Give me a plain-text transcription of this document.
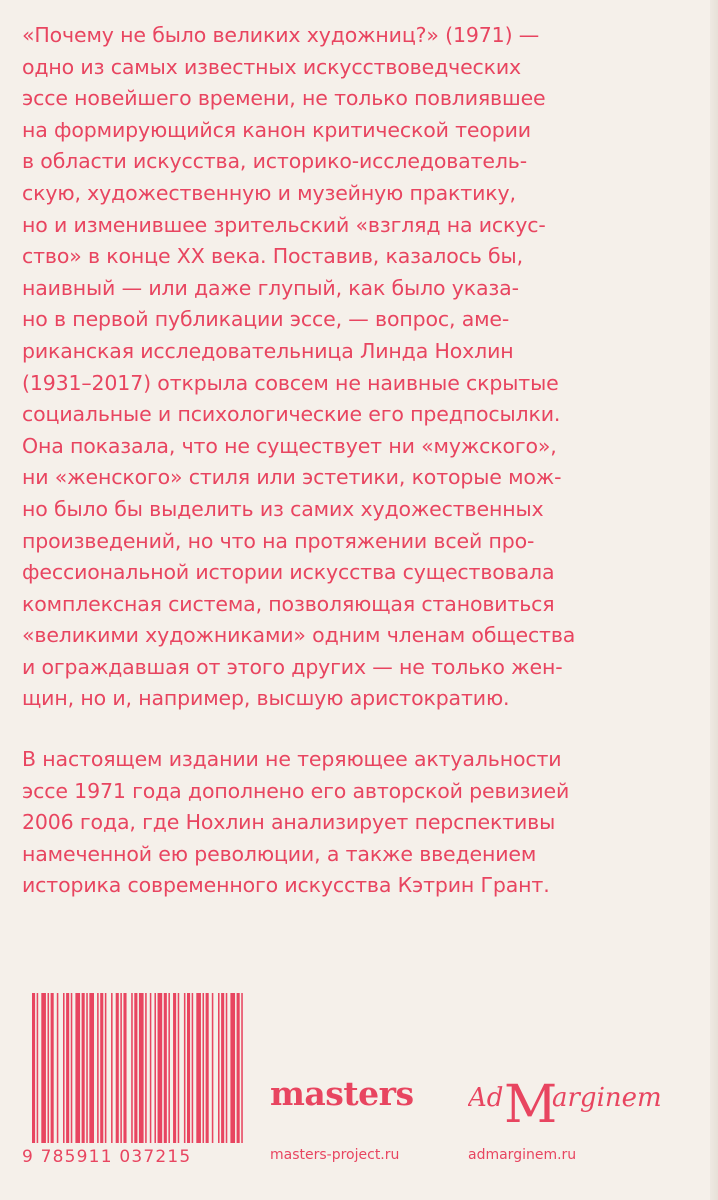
«Почему не было великих художниц?» (1971) —
одно из самых известных искусствоведческих
эссе новейшего времени, не только повлиявшее
на формирующийся канон критической теории
в области искусства, историко-исследователь-
скую, художественную и музейную практику,
но и изменившее зрительский «взгляд на искус-
ство» в конце XX века. Поставив, казалось бы,
наивный — или даже глупый, как было указа-
но в первой публикации эссе, — вопрос, аме-
риканская исследовательница Линда Нохлин
(1931–2017) открыла совсем не наивные скрытые
социальные и психологические его предпосылки.
Она показала, что не существует ни «мужского»,
ни «женского» стиля или эстетики, которые мож-
но было бы выделить из самих художественных
произведений, но что на протяжении всей про-
фессиональной истории искусства существовала
комплексная система, позволяющая становиться
«великими художниками» одним членам общества
и ограждавшая от этого других — не только жен-
щин, но и, например, высшую аристократию.

В настоящем издании не теряющее актуальности
эссе 1971 года дополнено его авторской ревизией
2006 года, где Нохлин анализирует перспективы
намеченной ею революции, а также введением
историка современного искусства Кэтрин Грант.

9 785911 037215
masters Ad M
arginem
masters-project.ru	admarginem.ru
